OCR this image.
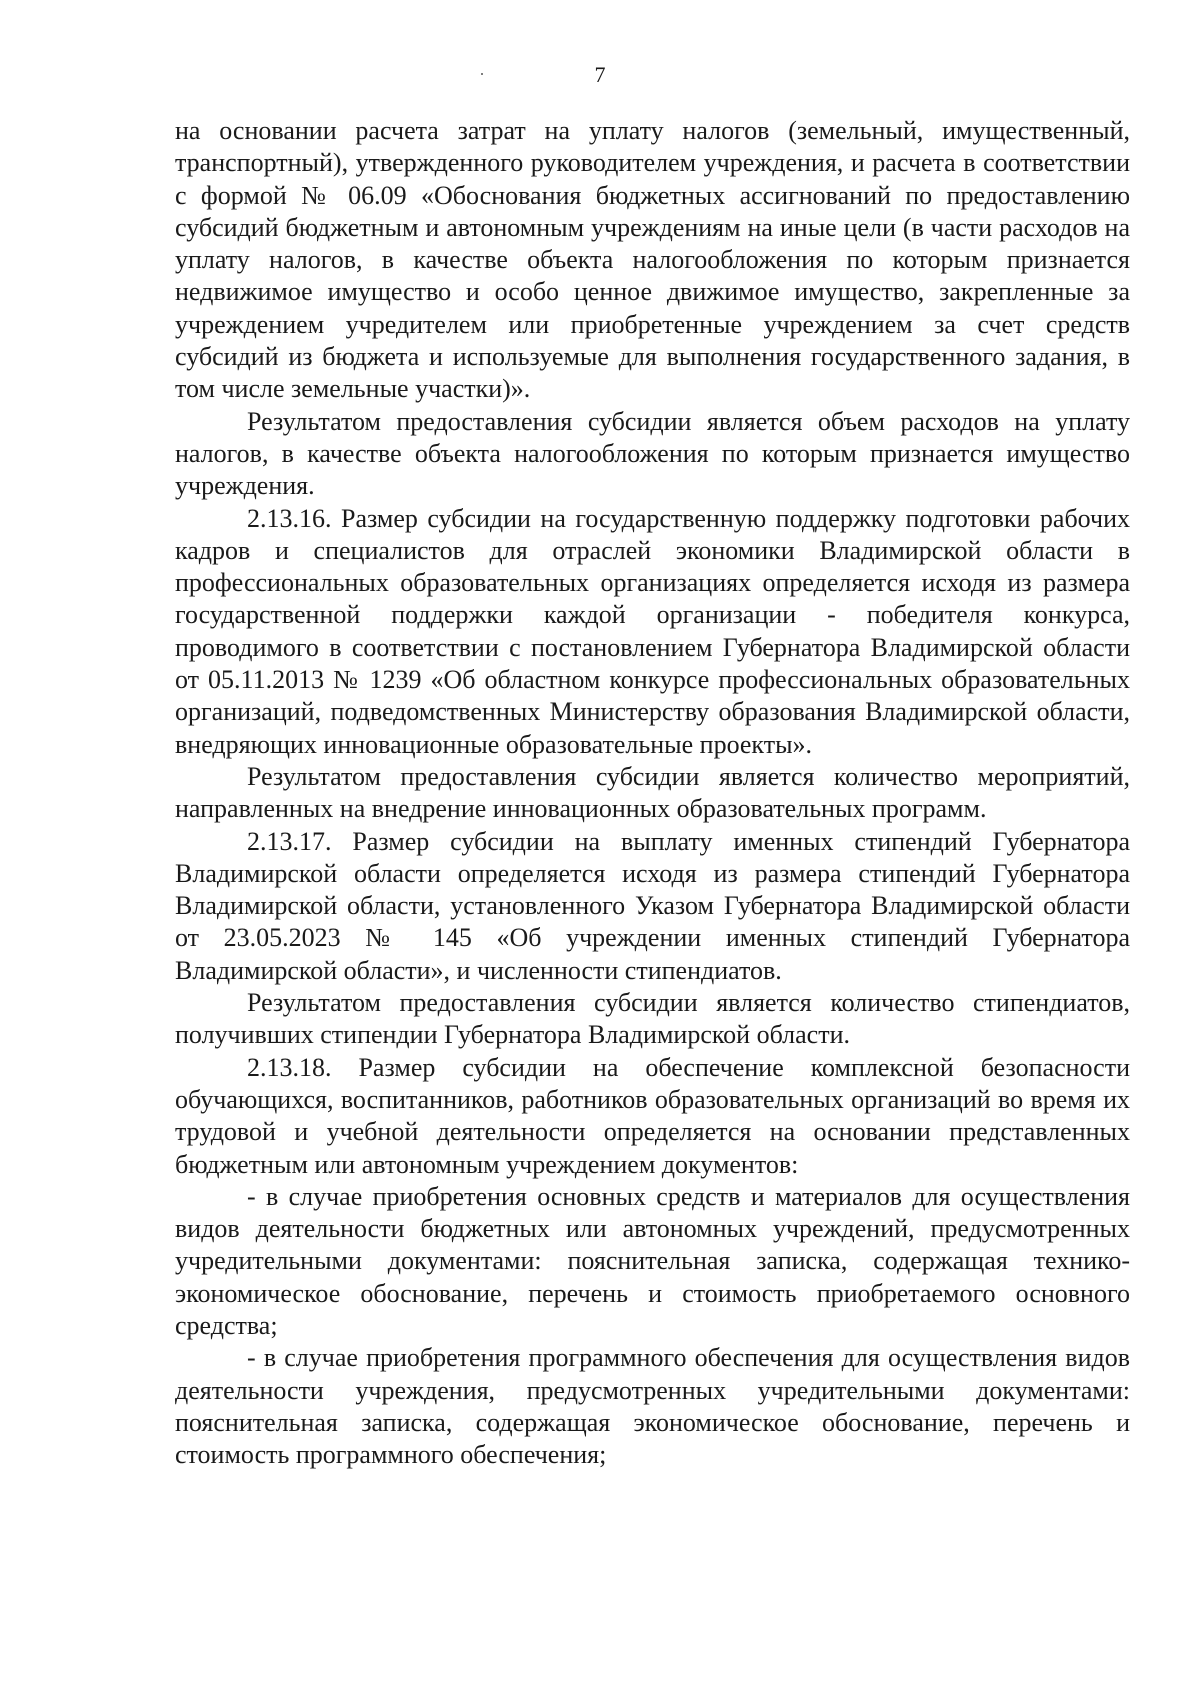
7

на основании расчета затрат на уплату налогов (земельный, имущественный, транспортный), утвержденного руководителем учреждения, и расчета в соответствии с формой № 06.09 «Обоснования бюджетных ассигнований по предоставлению субсидий бюджетным и автономным учреждениям на иные цели (в части расходов на уплату налогов, в качестве объекта налогообложения по которым признается недвижимое имущество и особо ценное движимое имущество, закрепленные за учреждением учредителем или приобретенные учреждением за счет средств субсидий из бюджета и используемые для выполнения государственного задания, в том числе земельные участки)».

Результатом предоставления субсидии является объем расходов на уплату налогов, в качестве объекта налогообложения по которым признается имущество учреждения.

2.13.16. Размер субсидии на государственную поддержку подготовки рабочих кадров и специалистов для отраслей экономики Владимирской области в профессиональных образовательных организациях определяется исходя из размера государственной поддержки каждой организации - победителя конкурса, проводимого в соответствии с постановлением Губернатора Владимирской области от 05.11.2013 № 1239 «Об областном конкурсе профессиональных образовательных организаций, подведомственных Министерству образования Владимирской области, внедряющих инновационные образовательные проекты».

Результатом предоставления субсидии является количество мероприятий, направленных на внедрение инновационных образовательных программ.

2.13.17. Размер субсидии на выплату именных стипендий Губернатора Владимирской области определяется исходя из размера стипендий Губернатора Владимирской области, установленного Указом Губернатора Владимирской области от 23.05.2023 № 145 «Об учреждении именных стипендий Губернатора Владимирской области», и численности стипендиатов.

Результатом предоставления субсидии является количество стипендиатов, получивших стипендии Губернатора Владимирской области.

2.13.18. Размер субсидии на обеспечение комплексной безопасности обучающихся, воспитанников, работников образовательных организаций во время их трудовой и учебной деятельности определяется на основании представленных бюджетным или автономным учреждением документов:

- в случае приобретения основных средств и материалов для осуществления видов деятельности бюджетных или автономных учреждений, предусмотренных учредительными документами: пояснительная записка, содержащая технико-экономическое обоснование, перечень и стоимость приобретаемого основного средства;

- в случае приобретения программного обеспечения для осуществления видов деятельности учреждения, предусмотренных учредительными документами: пояснительная записка, содержащая экономическое обоснование, перечень и стоимость программного обеспечения;
